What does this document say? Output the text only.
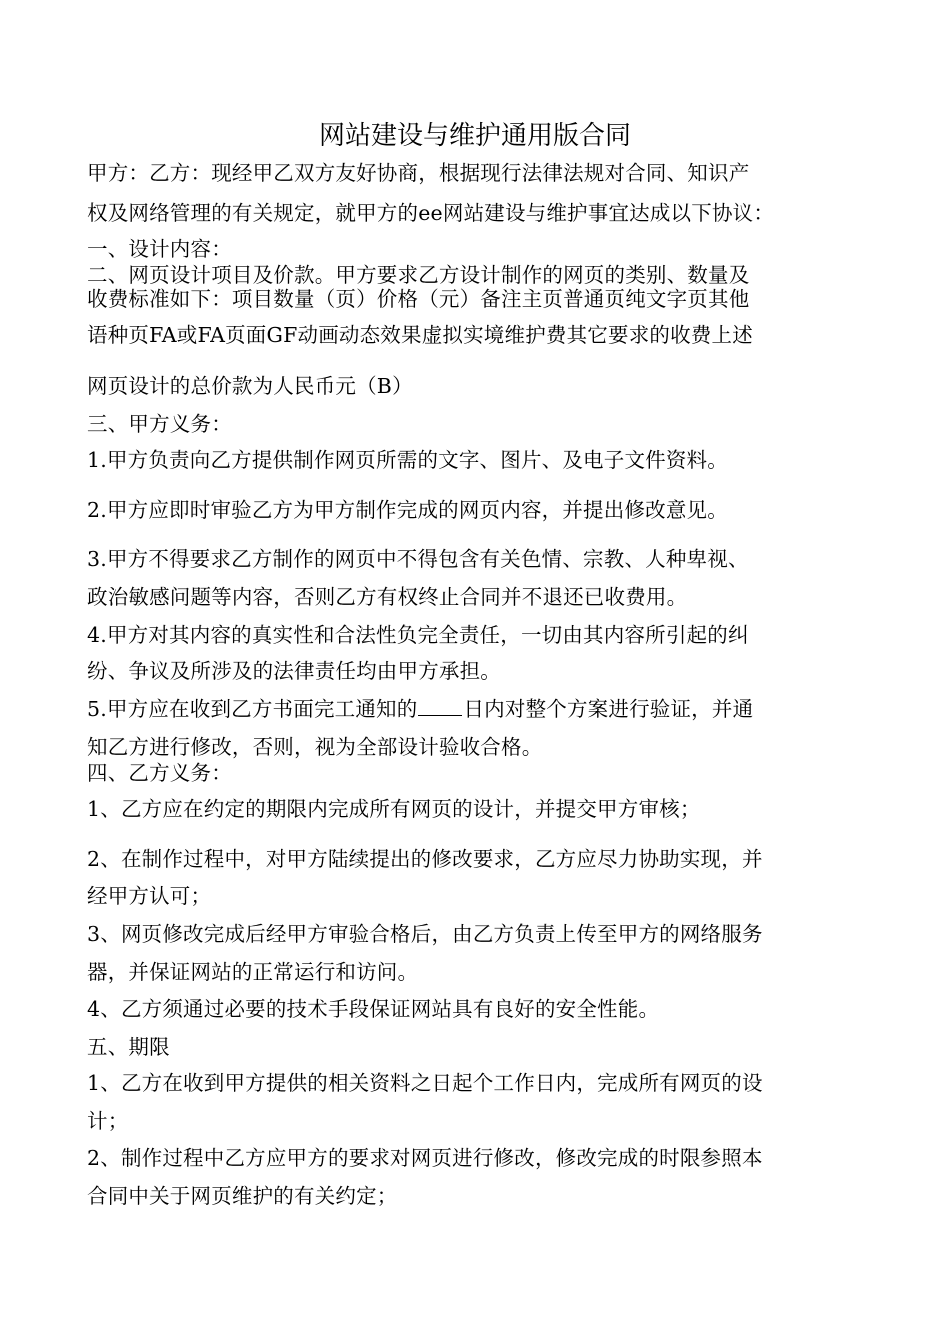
网站建设与维护通用版合同
甲方：乙方：现经甲乙双方友好协商，根据现行法律法规对合同、知识产
权及网络管理的有关规定，就甲方的ee网站建设与维护事宜达成以下协议：
一、设计内容：
二、网页设计项目及价款。甲方要求乙方设计制作的网页的类别、数量及
收费标准如下：项目数量（页）价格（元）备注主页普通页纯文字页其他
语种页FA或FA页面GF动画动态效果虚拟实境维护费其它要求的收费上述
网页设计的总价款为人民币元（B）
三、甲方义务：
1.甲方负责向乙方提供制作网页所需的文字、图片、及电子文件资料。
2.甲方应即时审验乙方为甲方制作完成的网页内容，并提出修改意见。
3.甲方不得要求乙方制作的网页中不得包含有关色情、宗教、人种卑视、
政治敏感问题等内容，否则乙方有权终止合同并不退还已收费用。
4.甲方对其内容的真实性和合法性负完全责任，一切由其内容所引起的纠
纷、争议及所涉及的法律责任均由甲方承担。
5.甲方应在收到乙方书面完工通知的 日内对整个方案进行验证，并通
知乙方进行修改，否则，视为全部设计验收合格。
四、乙方义务：
1、乙方应在约定的期限内完成所有网页的设计，并提交甲方审核；
2、在制作过程中，对甲方陆续提出的修改要求，乙方应尽力协助实现，并
经甲方认可；
3、网页修改完成后经甲方审验合格后，由乙方负责上传至甲方的网络服务
器，并保证网站的正常运行和访问。
4、乙方须通过必要的技术手段保证网站具有良好的安全性能。
五、期限
1、乙方在收到甲方提供的相关资料之日起个工作日内，完成所有网页的设
计；
2、制作过程中乙方应甲方的要求对网页进行修改，修改完成的时限参照本
合同中关于网页维护的有关约定；
